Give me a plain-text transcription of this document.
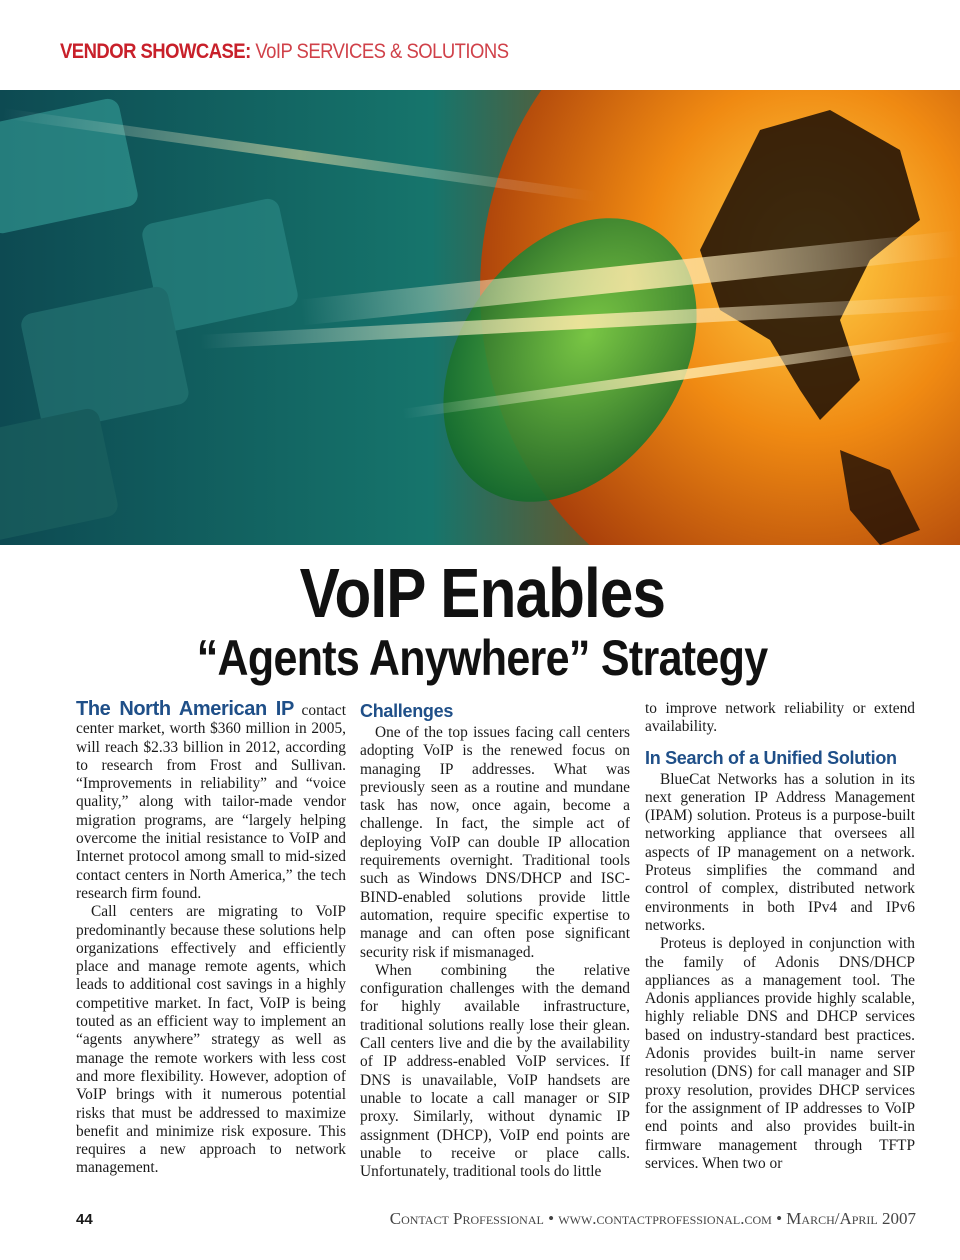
VENDOR SHOWCASE: VoIP SERVICES & SOLUTIONS
VoIP Enables
“Agents Anywhere” Strategy

The North American IP contact center market, worth $360 million in 2005, will reach $2.33 billion in 2012, according to research from Frost and Sullivan. “Improvements in reliability” and “voice quality,” along with tailor-made vendor migration programs, are “largely helping overcome the initial resistance to VoIP and Internet protocol among small to mid-sized contact centers in North America,” the tech research firm found.

Call centers are migrating to VoIP predominantly because these solutions help organizations effectively and efficiently place and manage remote agents, which leads to additional cost savings in a highly competitive market. In fact, VoIP is being touted as an efficient way to implement an “agents anywhere” strategy as well as manage the remote workers with less cost and more flexibility. However, adoption of VoIP brings with it numerous potential risks that must be addressed to maximize benefit and minimize risk exposure. This requires a new approach to network management.

Challenges

One of the top issues facing call centers adopting VoIP is the renewed focus on managing IP addresses. What was previously seen as a routine and mundane task has now, once again, become a challenge. In fact, the simple act of deploying VoIP can double IP allocation requirements overnight. Traditional tools such as Windows DNS/DHCP and ISC-BIND-enabled solutions provide little automation, require specific expertise to manage and can often pose significant security risk if mismanaged.

When combining the relative configuration challenges with the demand for highly available infrastructure, traditional solutions really lose their glean. Call centers live and die by the availability of IP address-enabled VoIP services. If DNS is unavailable, VoIP handsets are unable to locate a call manager or SIP proxy. Similarly, without dynamic IP assignment (DHCP), VoIP end points are unable to receive or place calls. Unfortunately, traditional tools do little

to improve network reliability or extend availability.

In Search of a Unified Solution

BlueCat Networks has a solution in its next generation IP Address Management (IPAM) solution. Proteus is a purpose-built networking appliance that oversees all aspects of IP management on a network. Proteus simplifies the command and control of complex, distributed network environments in both IPv4 and IPv6 networks.

Proteus is deployed in conjunction with the family of Adonis DNS/DHCP appliances as a management tool. The Adonis appliances provide highly scalable, highly reliable DNS and DHCP services based on industry-standard best practices. Adonis provides built-in name server resolution (DNS) for call manager and SIP proxy resolution, provides DHCP services for the assignment of IP addresses to VoIP end points and also provides built-in firmware management through TFTP services. When two or

44	Contact Professional • www.contactprofessional.com • March/April 2007
